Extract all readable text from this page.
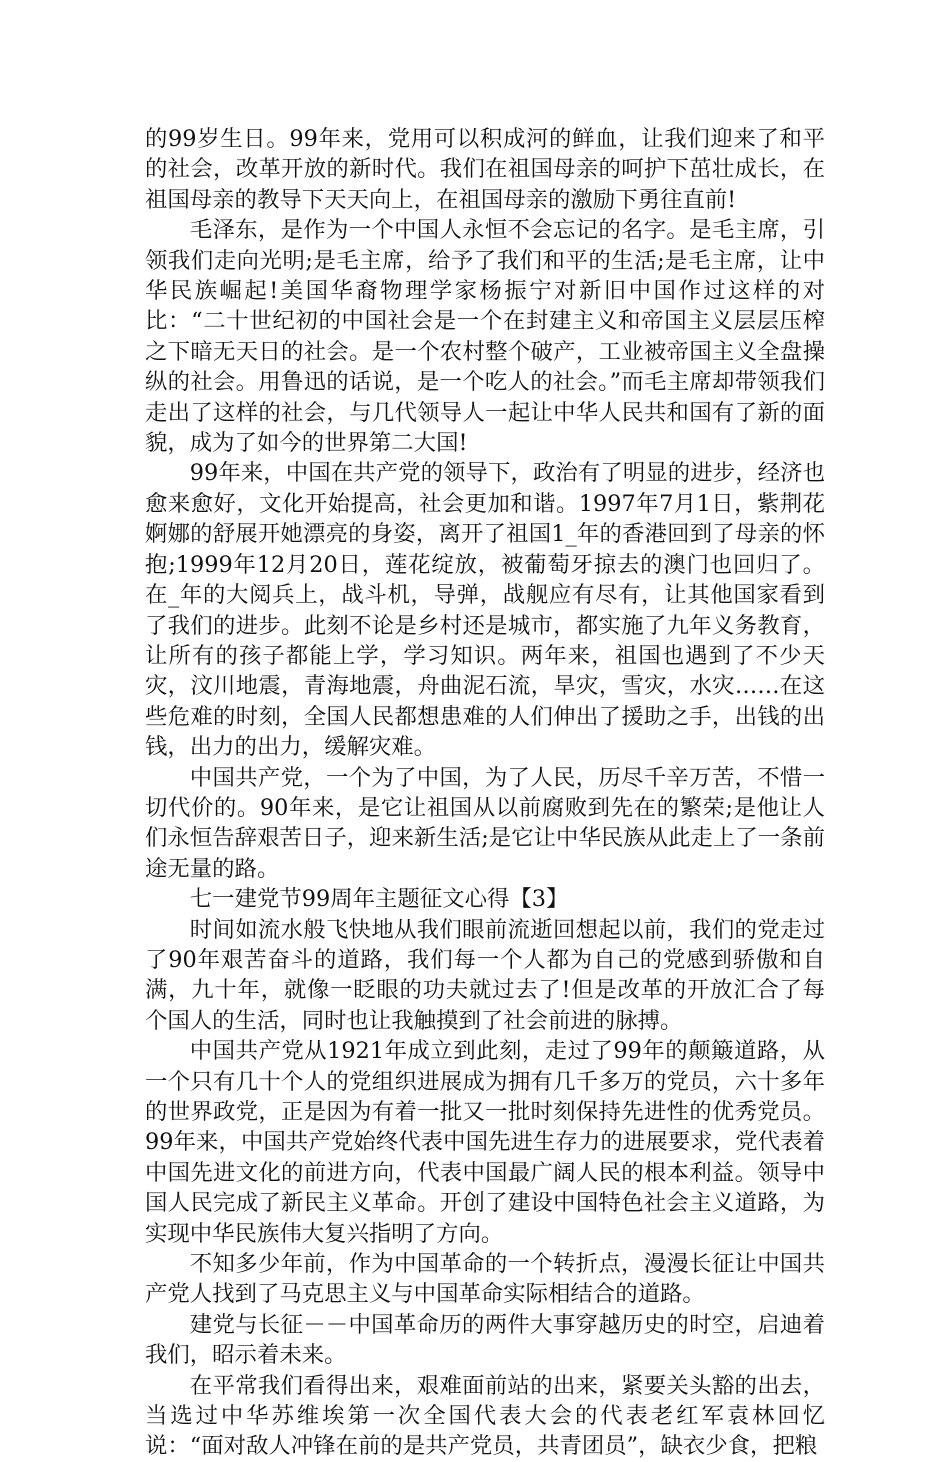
的99岁生日。99年来，党用可以积成河的鲜血，让我们迎来了和平的社会，改革开放的新时代。我们在祖国母亲的呵护下茁壮成长，在祖国母亲的教导下天天向上，在祖国母亲的激励下勇往直前!

毛泽东，是作为一个中国人永恒不会忘记的名字。是毛主席，引领我们走向光明;是毛主席，给予了我们和平的生活;是毛主席，让中华民族崛起!美国华裔物理学家杨振宁对新旧中国作过这样的对比：“二十世纪初的中国社会是一个在封建主义和帝国主义层层压榨之下暗无天日的社会。是一个农村整个破产，工业被帝国主义全盘操纵的社会。用鲁迅的话说，是一个吃人的社会。”而毛主席却带领我们走出了这样的社会，与几代领导人一起让中华人民共和国有了新的面貌，成为了如今的世界第二大国!

99年来，中国在共产党的领导下，政治有了明显的进步，经济也愈来愈好，文化开始提高，社会更加和谐。1997年7月1日，紫荆花婀娜的舒展开她漂亮的身姿，离开了祖国1_年的香港回到了母亲的怀抱;1999年12月20日，莲花绽放，被葡萄牙掠去的澳门也回归了。在_年的大阅兵上，战斗机，导弹，战舰应有尽有，让其他国家看到了我们的进步。此刻不论是乡村还是城市，都实施了九年义务教育，让所有的孩子都能上学，学习知识。两年来，祖国也遇到了不少天灾，汶川地震，青海地震，舟曲泥石流，旱灾，雪灾，水灾……在这些危难的时刻，全国人民都想患难的人们伸出了援助之手，出钱的出钱，出力的出力，缓解灾难。

中国共产党，一个为了中国，为了人民，历尽千辛万苦，不惜一切代价的。90年来，是它让祖国从以前腐败到先在的繁荣;是他让人们永恒告辞艰苦日子，迎来新生活;是它让中华民族从此走上了一条前途无量的路。

七一建党节99周年主题征文心得【3】

时间如流水般飞快地从我们眼前流逝回想起以前，我们的党走过了90年艰苦奋斗的道路，我们每一个人都为自己的党感到骄傲和自满，九十年，就像一眨眼的功夫就过去了!但是改革的开放汇合了每个国人的生活，同时也让我触摸到了社会前进的脉搏。

中国共产党从1921年成立到此刻，走过了99年的颠簸道路，从一个只有几十个人的党组织进展成为拥有几千多万的党员，六十多年的世界政党，正是因为有着一批又一批时刻保持先进性的优秀党员。99年来，中国共产党始终代表中国先进生存力的进展要求，党代表着中国先进文化的前进方向，代表中国最广阔人民的根本利益。领导中国人民完成了新民主义革命。开创了建设中国特色社会主义道路，为实现中华民族伟大复兴指明了方向。

不知多少年前，作为中国革命的一个转折点，漫漫长征让中国共产党人找到了马克思主义与中国革命实际相结合的道路。

建党与长征－－中国革命历的两件大事穿越历史的时空，启迪着我们，昭示着未来。

在平常我们看得出来，艰难面前站的出来，紧要关头豁的出去，当选过中华苏维埃第一次全国代表大会的代表老红军袁林回忆说：“面对敌人冲锋在前的是共产党员，共青团员”，缺衣少食，把粮
